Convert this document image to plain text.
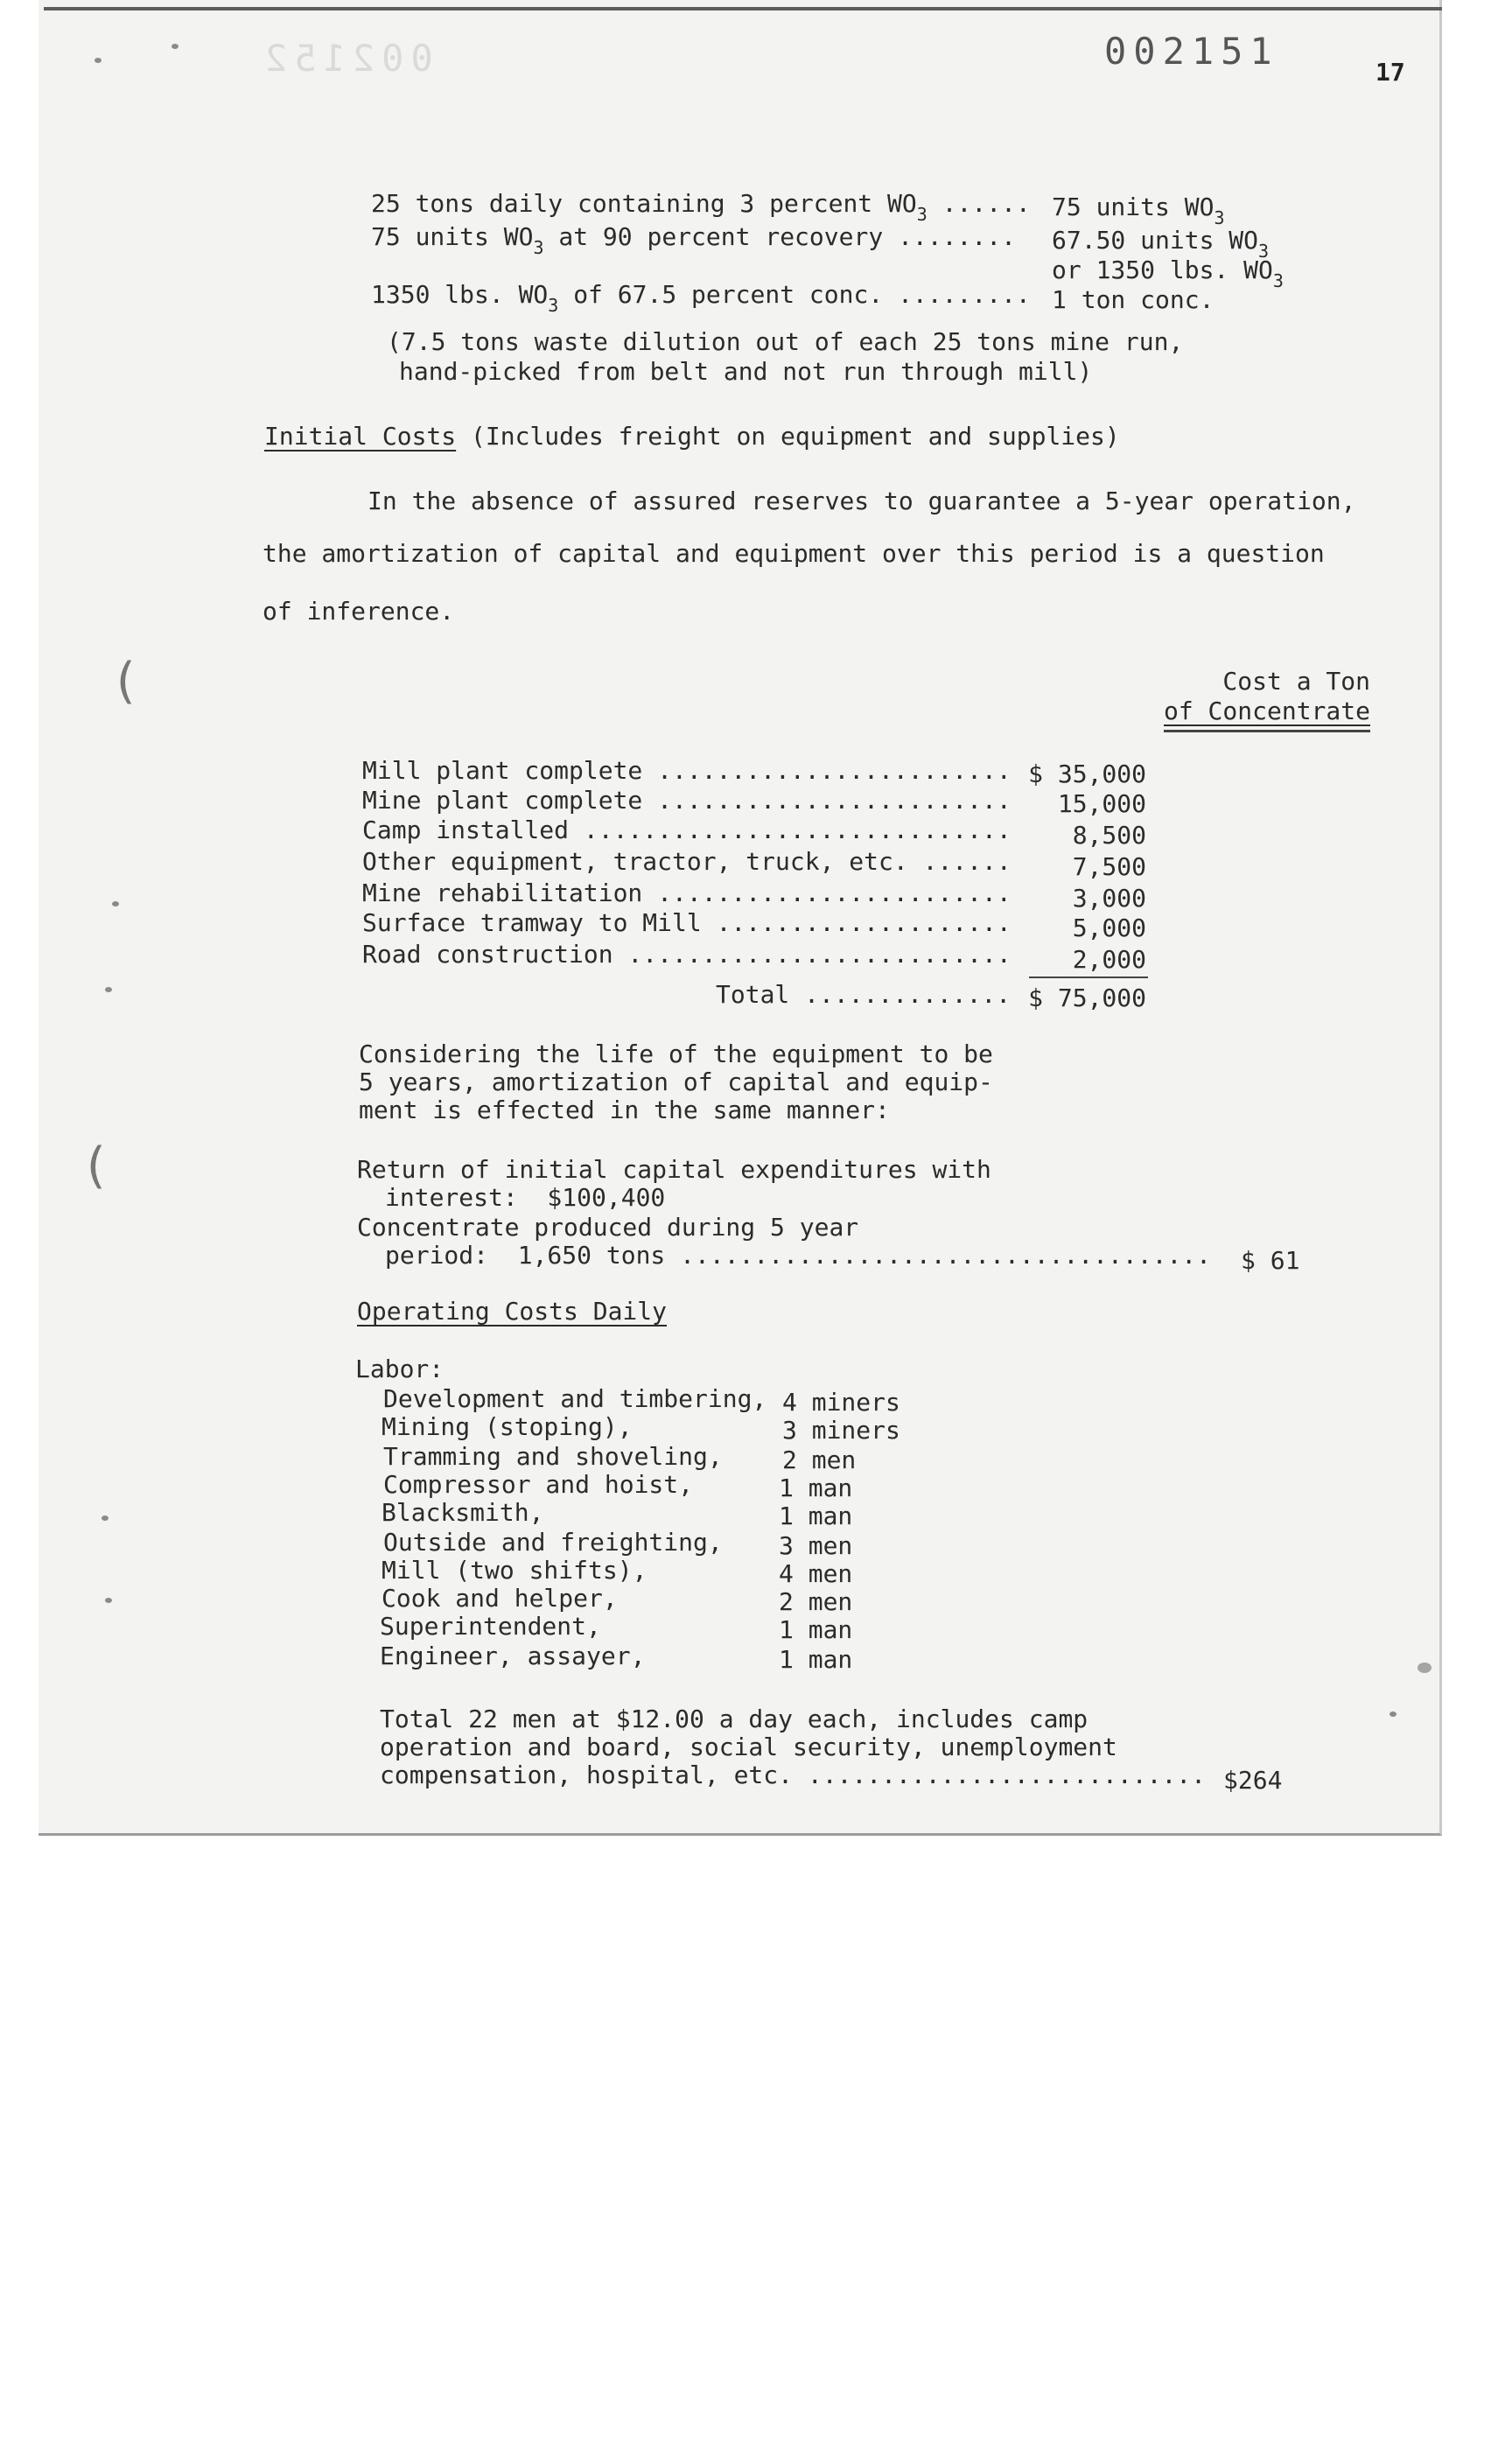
002152	002151	17
25 tons daily containing 3 percent $WO_3$ ...... 75 units $WO_3$
75 units $WO_3$ at 90 percent recovery ........ 67.50 units $WO_3$
or 1350 lbs. $WO_3$
1350 lbs. $WO_3$ of 67.5 percent conc. ......... 1 ton conc.
(7.5 tons waste dilution out of each 25 tons mine run,
hand-picked from belt and not run through mill)
Initial Costs (Includes freight on equipment and supplies)
In the absence of assured reserves to guarantee a 5-year operation,
the amortization of capital and equipment over this period is a question
of inference.
Cost a Ton
of Concentrate
Mill plant complete ........................ $ 35,000
Mine plant complete ........................	15,000
Camp installed .............................	8,500
Other equipment, tractor, truck, etc. ......	7,500
Mine rehabilitation ........................	3,000
Surface tramway to Mill ....................	5,000
Road construction ..........................	2,000
Total .............. $ 75,000
Considering the life of the equipment to be
5 years, amortization of capital and equip-
ment is effected in the same manner:
Return of initial capital expenditures with
interest:  $100,400
Concentrate produced during 5 year
period:  1,650 tons .................................... $ 61
Operating Costs Daily
Labor:
Development and timbering, 4 miners
Mining (stoping),	3 miners
Tramming and shoveling, 2 men
Compressor and hoist,	1 man
Blacksmith,	1 man
Outside and freighting, 3 men
Mill (two shifts),	4 men
Cook and helper,	2 men
Superintendent,	1 man
Engineer, assayer,	1 man
Total 22 men at $12.00 a day each, includes camp
operation and board, social security, unemployment
compensation, hospital, etc. ........................... $264
(
(
